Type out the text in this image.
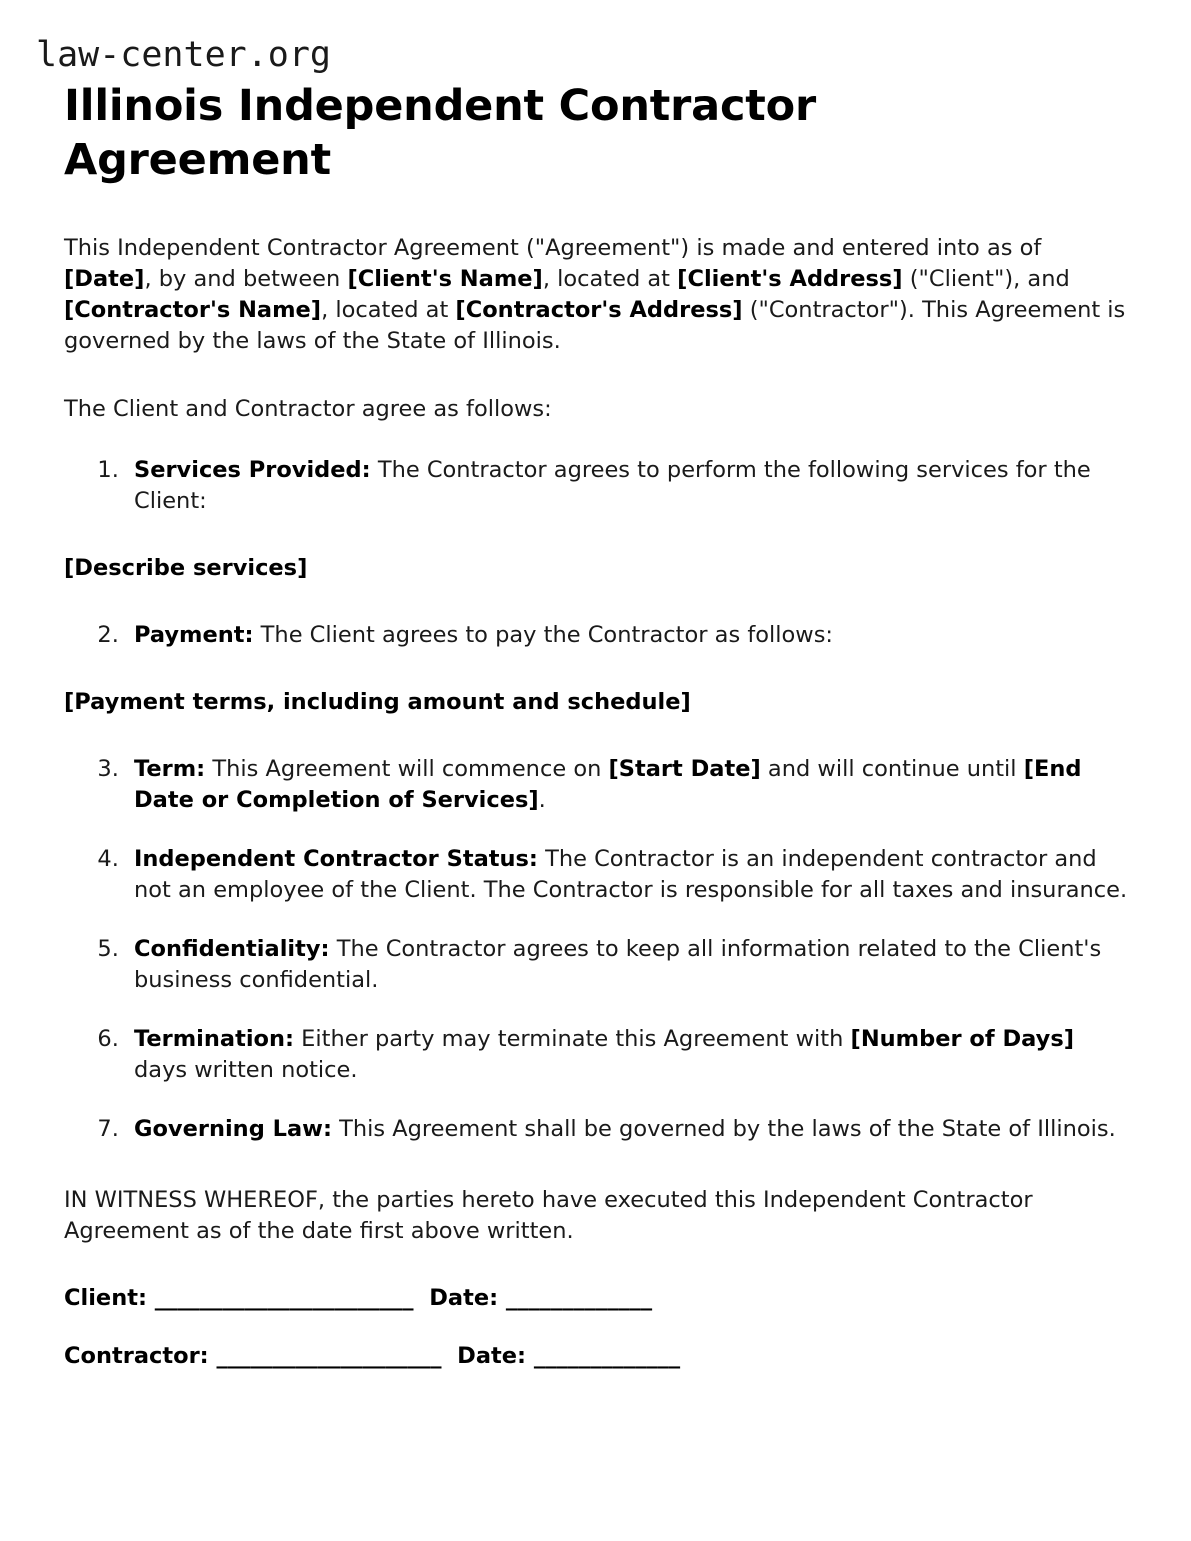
law-center.org
Illinois Independent Contractor Agreement

This Independent Contractor Agreement ("Agreement") is made and entered into as of [Date], by and between [Client's Name], located at [Client's Address] ("Client"), and [Contractor's Name], located at [Contractor's Address] ("Contractor"). This Agreement is governed by the laws of the State of Illinois.

The Client and Contractor agree as follows:

1. Services Provided: The Contractor agrees to perform the following services for the Client:

[Describe services]

2. Payment: The Client agrees to pay the Contractor as follows:

[Payment terms, including amount and schedule]

3. Term: This Agreement will commence on [Start Date] and will continue until [End Date or Completion of Services].
4. Independent Contractor Status: The Contractor is an independent contractor and not an employee of the Client. The Contractor is responsible for all taxes and insurance.
5. Confidentiality: The Contractor agrees to keep all information related to the Client's business confidential.
6. Termination: Either party may terminate this Agreement with [Number of Days] days written notice.
7. Governing Law: This Agreement shall be governed by the laws of the State of Illinois.

IN WITNESS WHEREOF, the parties hereto have executed this Independent Contractor Agreement as of the date first above written.

Client: _______________________  Date: _____________

Contractor: ____________________  Date: _____________
